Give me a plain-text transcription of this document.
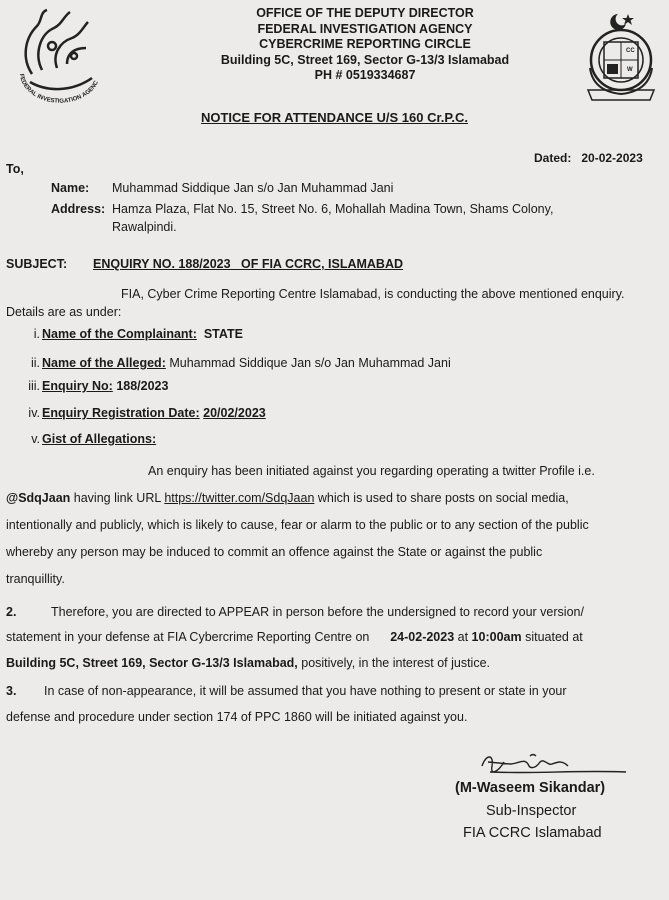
FEDERAL INVESTIGATION AGENC
OFFICE OF THE DEPUTY DIRECTOR
FEDERAL INVESTIGATION AGENCY
CYBERCRIME REPORTING CIRCLE
Building 5C, Street 169, Sector G-13/3 Islamabad
PH # 0519334687
CC
W
NOTICE FOR ATTENDANCE U/S 160 Cr.P.C.
To,
Dated: 20-02-2023
Name: Muhammad Siddique Jan s/o Jan Muhammad Jani
Address: Hamza Plaza, Flat No. 15, Street No. 6, Mohallah Madina Town, Shams Colony,
Rawalpindi.
SUBJECT: ENQUIRY NO. 188/2023   OF FIA CCRC, ISLAMABAD
FIA, Cyber Crime Reporting Centre Islamabad, is conducting the above mentioned enquiry.
Details are as under:
i. Name of the Complainant: STATE
ii. Name of the Alleged: Muhammad Siddique Jan s/o Jan Muhammad Jani
iii. Enquiry No: 188/2023
iv. Enquiry Registration Date: 20/02/2023
v. Gist of Allegations:
An enquiry has been initiated against you regarding operating a twitter Profile i.e.
@SdqJaan having link URL https://twitter.com/SdqJaan which is used to share posts on social media,
intentionally and publicly, which is likely to cause, fear or alarm to the public or to any section of the public
whereby any person may be induced to commit an offence against the State or against the public
tranquillity.
2.	Therefore, you are directed to APPEAR in person before the undersigned to record your version/
statement in your defense at FIA Cybercrime Reporting Centre on 24-02-2023 at 10:00am situated at
Building 5C, Street 169, Sector G-13/3 Islamabad, positively, in the interest of justice.
3. In case of non-appearance, it will be assumed that you have nothing to present or state in your
defense and procedure under section 174 of PPC 1860 will be initiated against you.
(M-Waseem Sikandar)
Sub-Inspector
FIA CCRC Islamabad
